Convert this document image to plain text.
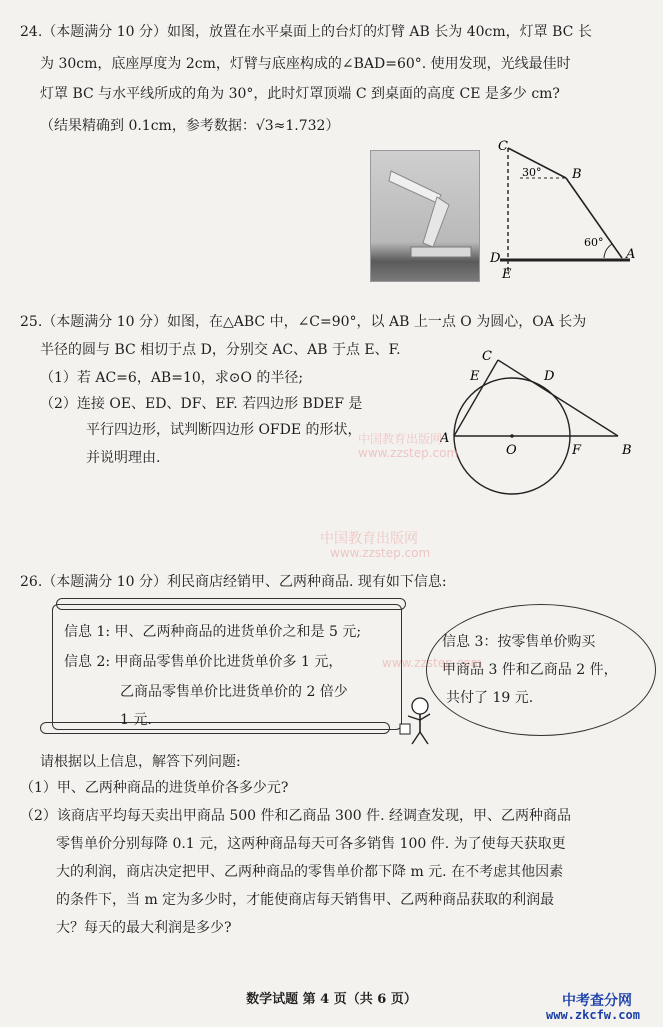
24.（本题满分 10 分）如图，放置在水平桌面上的台灯的灯臂 AB 长为 40cm，灯罩 BC 长
为 30cm，底座厚度为 2cm，灯臂与底座构成的∠BAD=60°. 使用发现，光线最佳时
灯罩 BC 与水平线所成的角为 30°，此时灯罩顶端 C 到桌面的高度 CE 是多少 cm?
（结果精确到 0.1cm，参考数据：√3≈1.732）
C
B
A
D
E
30°
60°
25.（本题满分 10 分）如图，在△ABC 中，∠C=90°，以 AB 上一点 O 为圆心，OA 长为
半径的圆与 BC 相切于点 D，分别交 AC、AB 于点 E、F.
（1）若 AC=6，AB=10，求⊙O 的半径;
（2）连接 OE、ED、DF、EF. 若四边形 BDEF 是
平行四边形，试判断四边形 OFDE 的形状，
并说明理由.
C
E	D
A
O	F	B
中国教育出版网
www.zzstep.com
中国教育出版网
www.zzstep.com
www.zzstep.com
26.（本题满分 10 分）利民商店经销甲、乙两种商品. 现有如下信息:
信息 1: 甲、乙两种商品的进货单价之和是 5 元;
信息 2: 甲商品零售单价比进货单价多 1 元，
乙商品零售单价比进货单价的 2 倍少
1 元.
信息 3：按零售单价购买
甲商品 3 件和乙商品 2 件，
共付了 19 元.
请根据以上信息，解答下列问题:
（1）甲、乙两种商品的进货单价各多少元?
（2）该商店平均每天卖出甲商品 500 件和乙商品 300 件. 经调查发现，甲、乙两种商品
零售单价分别每降 0.1 元，这两种商品每天可各多销售 100 件. 为了使每天获取更
大的利润，商店决定把甲、乙两种商品的零售单价都下降 m 元. 在不考虑其他因素
的条件下，当 m 定为多少时，才能使商店每天销售甲、乙两种商品获取的利润最
大？每天的最大利润是多少?
数学试题 第 4 页（共 6 页）	中考查分网
www.zkcfw.com
